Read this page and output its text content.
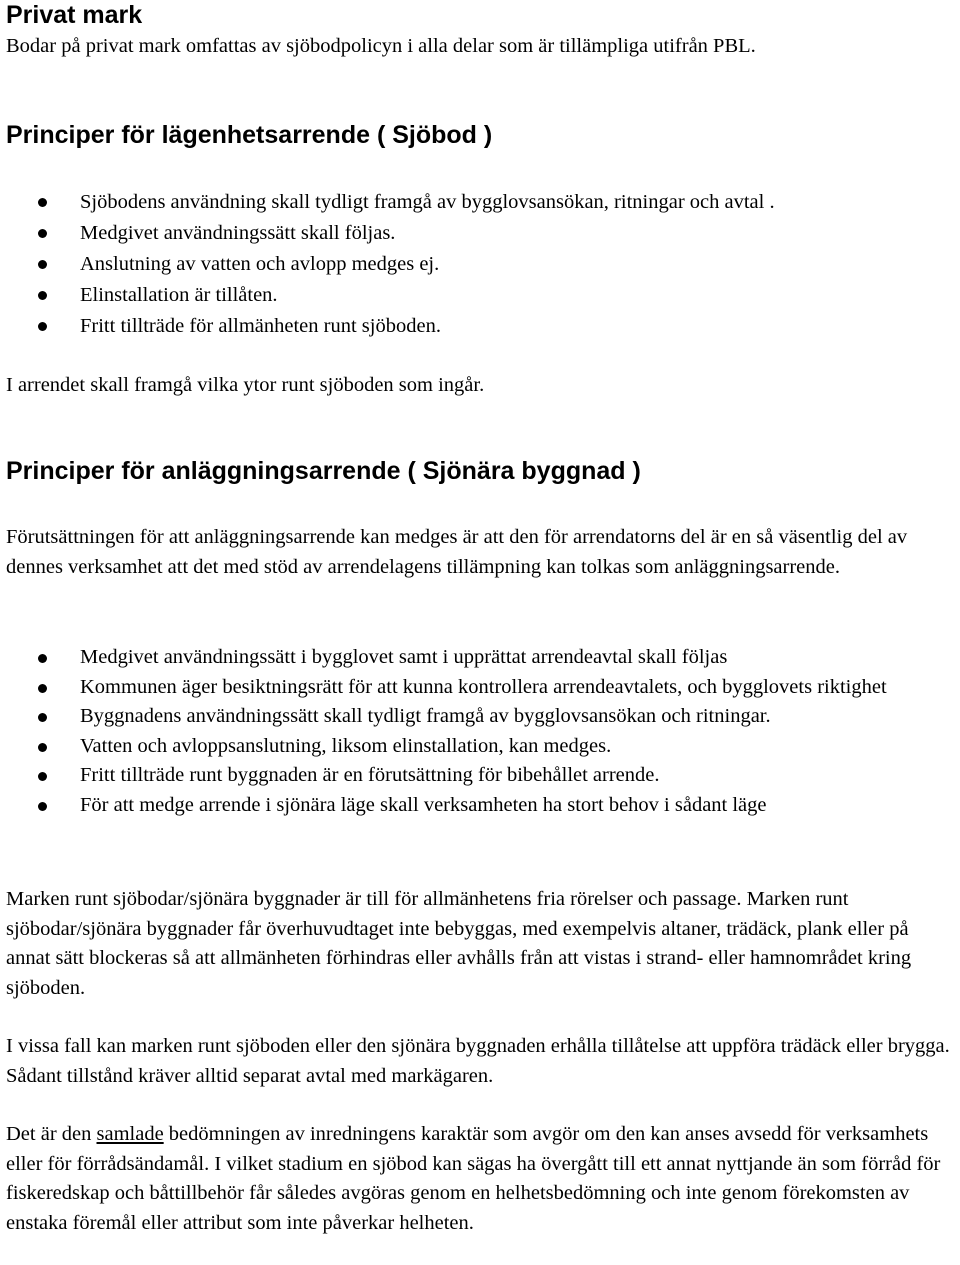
Privat mark

Bodar på privat mark omfattas av sjöbodpolicyn i alla delar som är tillämpliga utifrån PBL.

Principer för lägenhetsarrende ( Sjöbod )
Sjöbodens användning skall tydligt framgå av bygglovsansökan, ritningar och avtal .
Medgivet användningssätt skall följas.
Anslutning av vatten och avlopp medges ej.
Elinstallation är tillåten.
Fritt tillträde för allmänheten runt sjöboden.

I arrendet skall framgå vilka ytor runt sjöboden som ingår.

Principer för anläggningsarrende ( Sjönära byggnad )

Förutsättningen för att anläggningsarrende kan medges är att den för arrendatorns del är en så väsentlig del av dennes verksamhet att det med stöd av arrendelagens tillämpning kan tolkas som anläggningsarrende.

Medgivet användningssätt i bygglovet samt i upprättat arrendeavtal skall följas
Kommunen äger besiktningsrätt för att kunna kontrollera arrendeavtalets, och bygglovets riktighet
Byggnadens användningssätt skall tydligt framgå av bygglovsansökan och ritningar.
Vatten och avloppsanslutning, liksom elinstallation, kan medges.
Fritt tillträde runt byggnaden är en förutsättning för bibehållet arrende.
För att medge arrende i sjönära läge skall verksamheten ha stort behov i sådant läge

Marken runt sjöbodar/sjönära byggnader är till för allmänhetens fria rörelser och passage. Marken runt sjöbodar/sjönära byggnader får överhuvudtaget inte bebyggas, med exempelvis altaner, trädäck, plank eller på annat sätt blockeras så att allmänheten förhindras eller avhålls från att vistas i strand- eller hamnområdet kring sjöboden.

I vissa fall kan marken runt sjöboden eller den sjönära byggnaden erhålla tillåtelse att uppföra trädäck eller brygga. Sådant tillstånd kräver alltid separat avtal med markägaren.

Det är den samlade bedömningen av inredningens karaktär som avgör om den kan anses avsedd för verksamhets eller för förrådsändamål. I vilket stadium en sjöbod kan sägas ha övergått till ett annat nyttjande än som förråd för fiskeredskap och båttillbehör får således avgöras genom en helhetsbedömning och inte genom förekomsten av enstaka föremål eller attribut som inte påverkar helheten.
